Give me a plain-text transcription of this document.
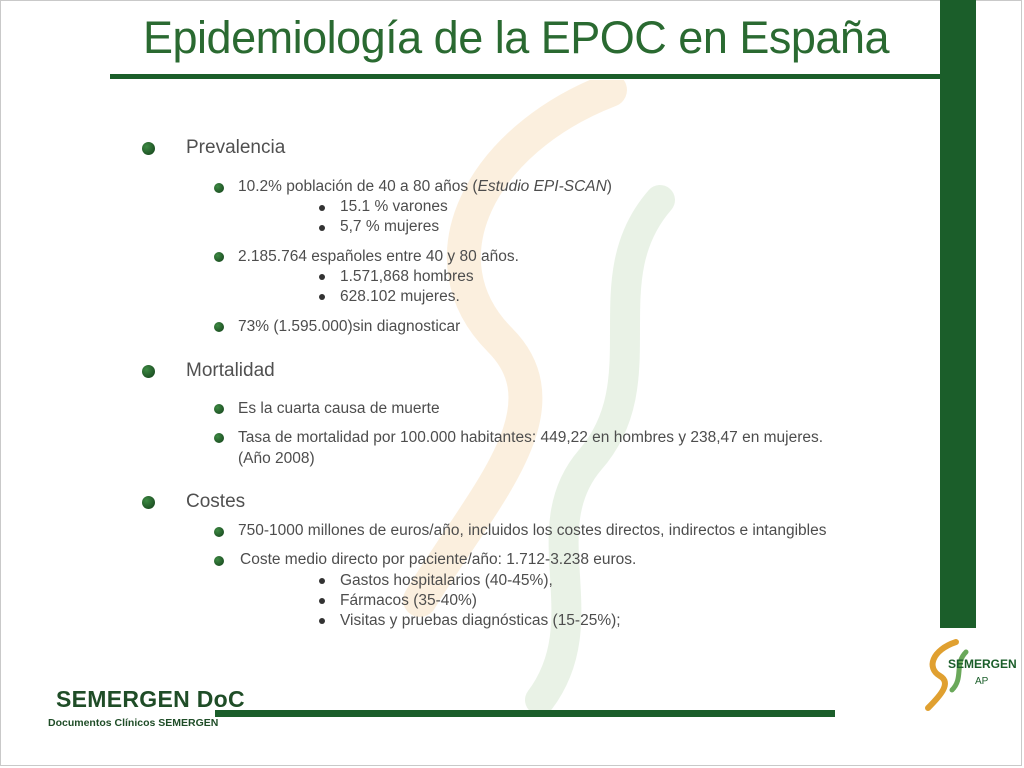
Epidemiología de la EPOC en España
Prevalencia
10.2% población de 40 a 80 años (Estudio EPI-SCAN)
15.1 % varones
5,7 % mujeres
2.185.764 españoles entre 40 y 80 años.
1.571,868 hombres
628.102 mujeres.
73% (1.595.000)sin diagnosticar
Mortalidad
Es la cuarta causa de muerte
Tasa de mortalidad por 100.000 habitantes: 449,22 en hombres y 238,47 en mujeres.
(Año 2008)
Costes
750-1000 millones de euros/año, incluidos los costes directos, indirectos e intangibles
Coste medio directo por paciente/año: 1.712-3.238 euros.
Gastos hospitalarios (40-45%),
Fármacos (35-40%)
Visitas y pruebas diagnósticas (15-25%);
SEMERGEN DoC
Documentos Clínicos SEMERGEN
SEMERGEN
AP
